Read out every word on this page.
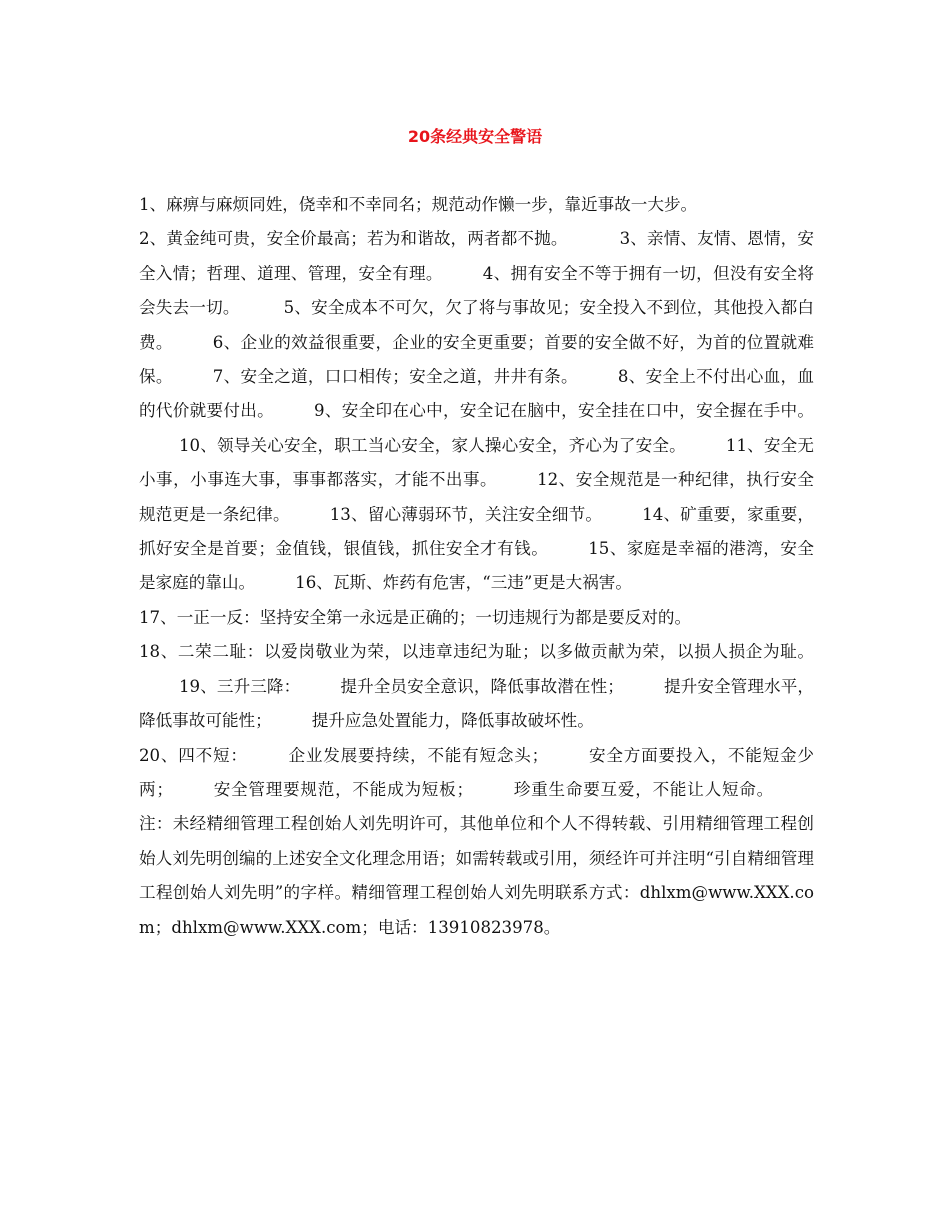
20条经典安全警语

1、麻痹与麻烦同姓，侥幸和不幸同名；规范动作懒一步，靠近事故一大步。
2、黄金纯可贵，安全价最高；若为和谐故，两者都不抛。	3、亲情、友情、恩情，安全入情；哲理、道理、管理，安全有理。 4、拥有安全不等于拥有一切，但没有安全将会失去一切。	5、安全成本不可欠，欠了将与事故见；安全投入不到位，其他投入都白费。 6、企业的效益很重要，企业的安全更重要；首要的安全做不好，为首的位置就难保。 7、安全之道，口口相传；安全之道，井井有条。 8、安全上不付出心血，血的代价就要付出。 9、安全印在心中，安全记在脑中，安全挂在口中，安全握在手中。10、领导关心安全，职工当心安全，家人操心安全，齐心为了安全。 11、安全无小事，小事连大事，事事都落实，才能不出事。 12、安全规范是一种纪律，执行安全规范更是一条纪律。 13、留心薄弱环节，关注安全细节。 14、矿重要，家重要，抓好安全是首要；金值钱，银值钱，抓住安全才有钱。 15、家庭是幸福的港湾，安全是家庭的靠山。 16、瓦斯、炸药有危害，“三违”更是大祸害。
17、一正一反：坚持安全第一永远是正确的；一切违规行为都是要反对的。
18、二荣二耻：以爱岗敬业为荣，以违章违纪为耻；以多做贡献为荣，以损人损企为耻。19、三升三降： 提升全员安全意识，降低事故潜在性； 提升安全管理水平，降低事故可能性； 提升应急处置能力，降低事故破坏性。
20、四不短： 企业发展要持续，不能有短念头； 安全方面要投入，不能短金少两； 安全管理要规范，不能成为短板； 珍重生命要互爱，不能让人短命。注：未经精细管理工程创始人刘先明许可，其他单位和个人不得转载、引用精细管理工程创始人刘先明创编的上述安全文化理念用语；如需转载或引用，须经许可并注明“引自精细管理工程创始人刘先明”的字样。精细管理工程创始人刘先明联系方式：dhlxm@www.XXX.com；dhlxm@www.XXX.com；电话：13910823978。
